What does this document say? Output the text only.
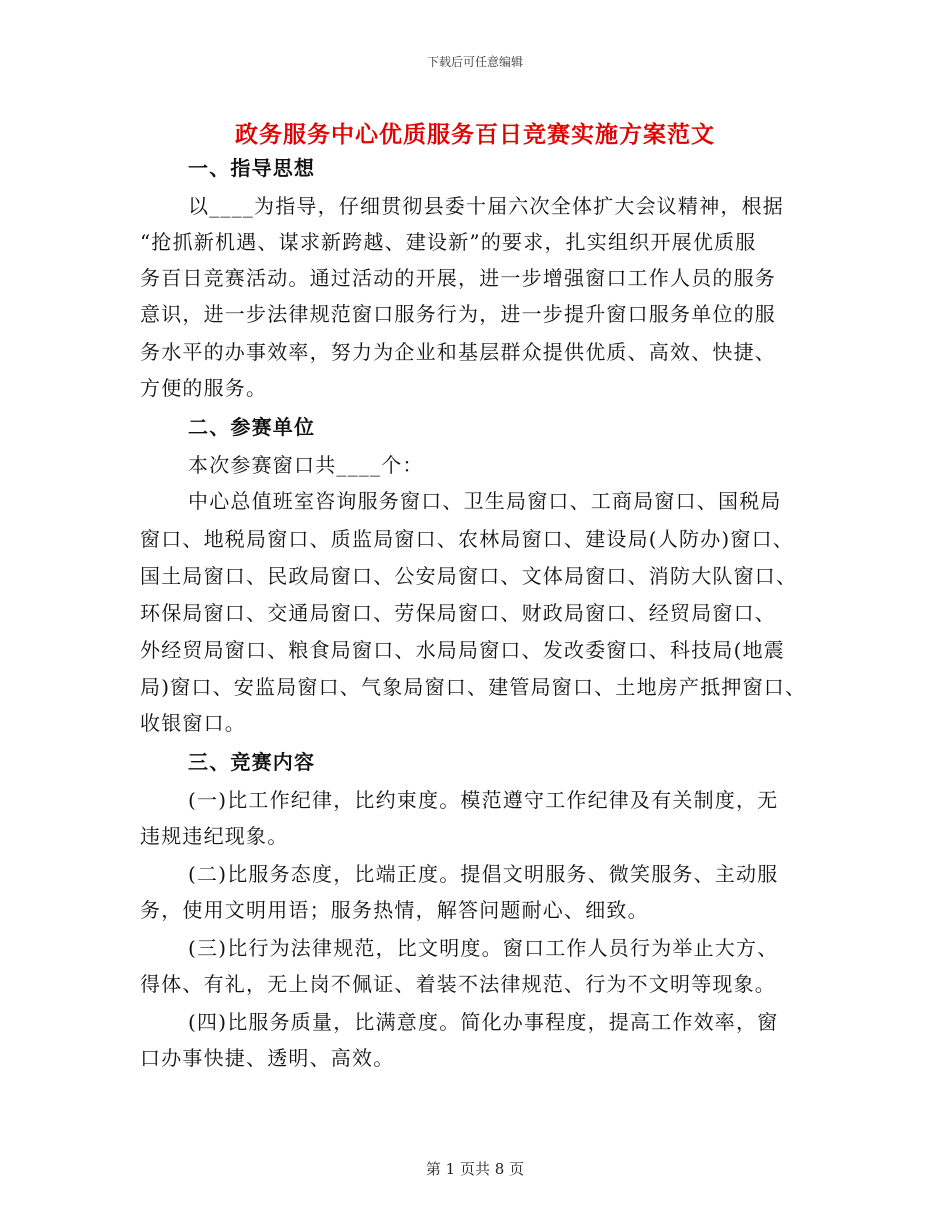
下载后可任意编辑
政务服务中心优质服务百日竞赛实施方案范文
一、指导思想
以____为指导，仔细贯彻县委十届六次全体扩大会议精神，根据
“抢抓新机遇、谋求新跨越、建设新”的要求，扎实组织开展优质服
务百日竞赛活动。通过活动的开展，进一步增强窗口工作人员的服务
意识，进一步法律规范窗口服务行为，进一步提升窗口服务单位的服
务水平的办事效率，努力为企业和基层群众提供优质、高效、快捷、
方便的服务。
二、参赛单位
本次参赛窗口共____个：
中心总值班室咨询服务窗口、卫生局窗口、工商局窗口、国税局
窗口、地税局窗口、质监局窗口、农林局窗口、建设局(人防办)窗口、
国土局窗口、民政局窗口、公安局窗口、文体局窗口、消防大队窗口、
环保局窗口、交通局窗口、劳保局窗口、财政局窗口、经贸局窗口、
外经贸局窗口、粮食局窗口、水局局窗口、发改委窗口、科技局(地震
局)窗口、安监局窗口、气象局窗口、建管局窗口、土地房产抵押窗口、
收银窗口。
三、竞赛内容
(一)比工作纪律，比约束度。模范遵守工作纪律及有关制度，无
违规违纪现象。
(二)比服务态度，比端正度。提倡文明服务、微笑服务、主动服
务，使用文明用语；服务热情，解答问题耐心、细致。
(三)比行为法律规范，比文明度。窗口工作人员行为举止大方、
得体、有礼，无上岗不佩证、着装不法律规范、行为不文明等现象。
(四)比服务质量，比满意度。简化办事程度，提高工作效率，窗
口办事快捷、透明、高效。
第 1 页共 8 页
